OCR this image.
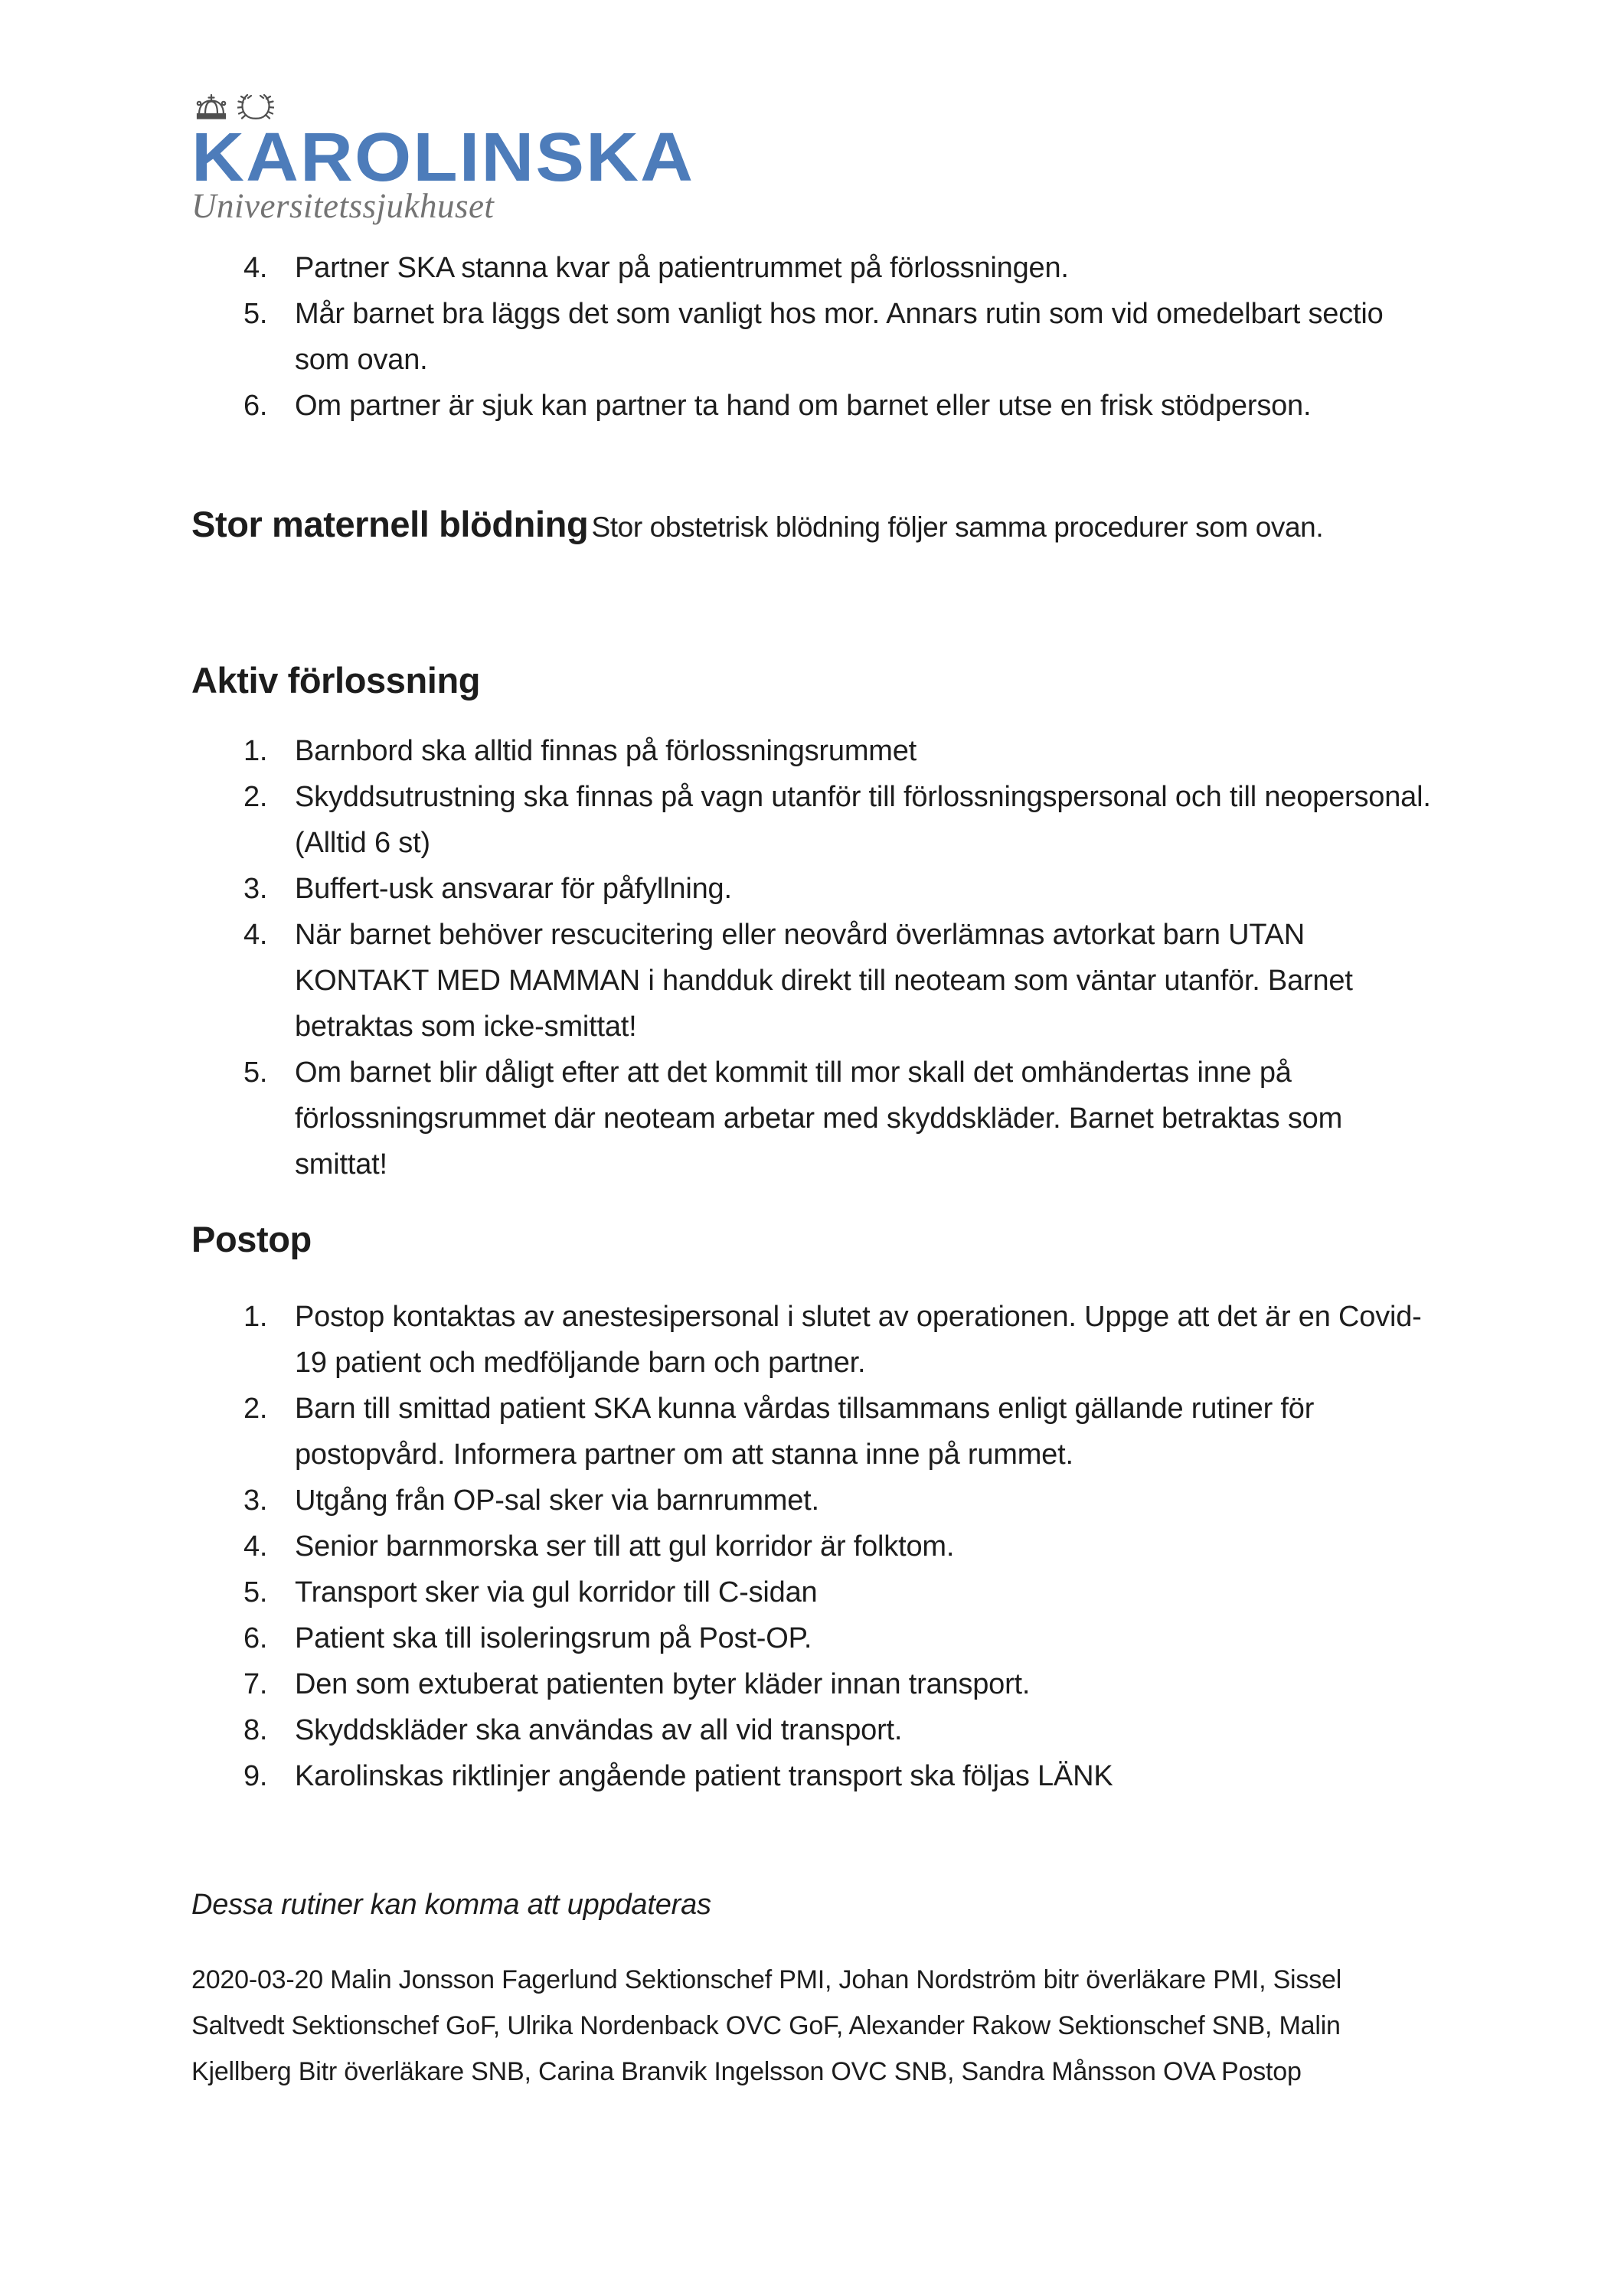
KAROLINSKA
Universitetssjukhuset
4. Partner SKA stanna kvar på patientrummet på förlossningen.
5. Mår barnet bra läggs det som vanligt hos mor. Annars rutin som vid omedelbart sectio som ovan.
6. Om partner är sjuk kan partner ta hand om barnet eller utse en frisk stödperson.

Stor maternell blödning Stor obstetrisk blödning följer samma procedurer som ovan.

Aktiv förlossning
1. Barnbord ska alltid finnas på förlossningsrummet
2. Skyddsutrustning ska finnas på vagn utanför till förlossningspersonal och till neopersonal. (Alltid 6 st)
3. Buffert-usk ansvarar för påfyllning.
4. När barnet behöver rescucitering eller neovård överlämnas avtorkat barn UTAN KONTAKT MED MAMMAN i handduk direkt till neoteam som väntar utanför. Barnet betraktas som icke-smittat!
5. Om barnet blir dåligt efter att det kommit till mor skall det omhändertas inne på förlossningsrummet där neoteam arbetar med skyddskläder. Barnet betraktas som smittat!
Postop
1. Postop kontaktas av anestesipersonal i slutet av operationen. Uppge att det är en Covid-19 patient och medföljande barn och partner.
2. Barn till smittad patient SKA kunna vårdas tillsammans enligt gällande rutiner för postopvård. Informera partner om att stanna inne på rummet.
3. Utgång från OP-sal sker via barnrummet.
4. Senior barnmorska ser till att gul korridor är folktom.
5. Transport sker via gul korridor till C-sidan
6. Patient ska till isoleringsrum på Post-OP.
7. Den som extuberat patienten byter kläder innan transport.
8. Skyddskläder ska användas av all vid transport.
9. Karolinskas riktlinjer angående patient transport ska följas LÄNK

Dessa rutiner kan komma att uppdateras

2020-03-20 Malin Jonsson Fagerlund Sektionschef PMI, Johan Nordström bitr överläkare PMI, Sissel Saltvedt Sektionschef GoF, Ulrika Nordenback OVC GoF, Alexander Rakow Sektionschef SNB, Malin Kjellberg Bitr överläkare SNB, Carina Branvik Ingelsson OVC SNB, Sandra Månsson OVA Postop
